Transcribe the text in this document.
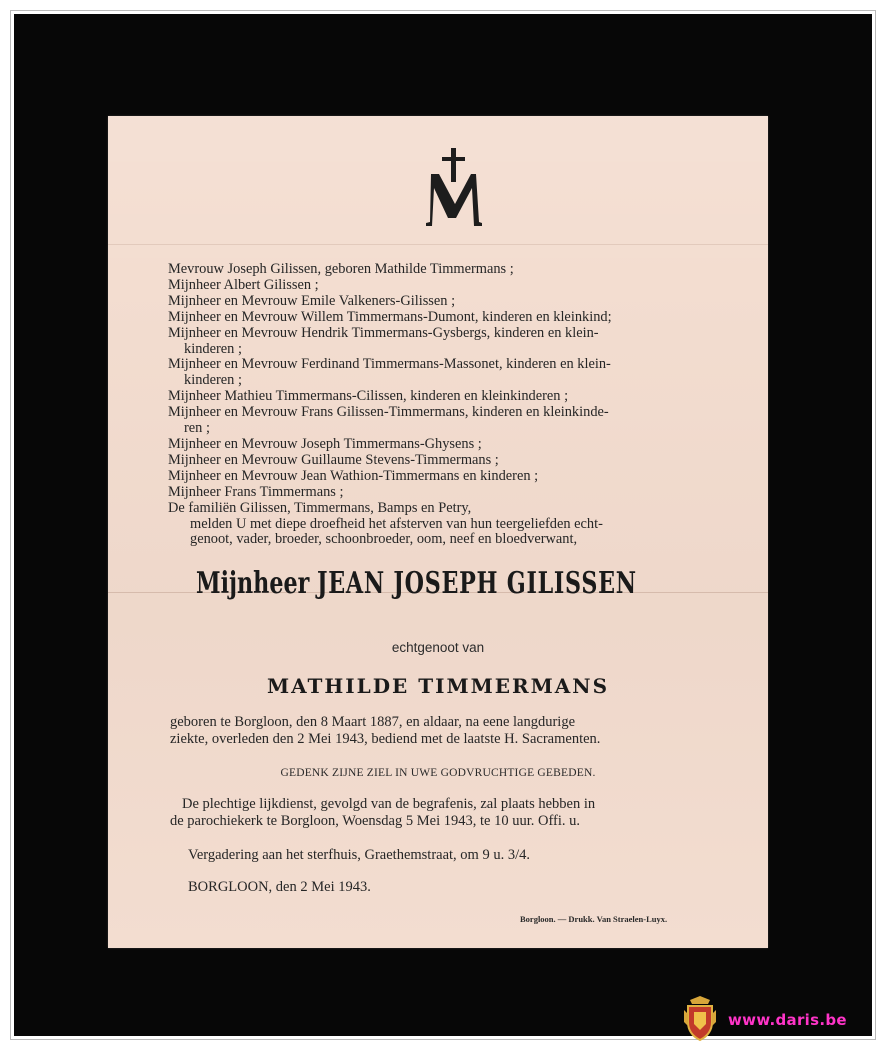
Mevrouw Joseph Gilissen, geboren Mathilde Timmermans ;
Mijnheer Albert Gilissen ;
Mijnheer en Mevrouw Emile Valkeners-Gilissen ;
Mijnheer en Mevrouw Willem Timmermans-Dumont, kinderen en kleinkind;
Mijnheer en Mevrouw Hendrik Timmermans-Gysbergs, kinderen en klein-
kinderen ;
Mijnheer en Mevrouw Ferdinand Timmermans-Massonet, kinderen en klein-
kinderen ;
Mijnheer Mathieu Timmermans-Cilissen, kinderen en kleinkinderen ;
Mijnheer en Mevrouw Frans Gilissen-Timmermans, kinderen en kleinkinde-
ren ;
Mijnheer en Mevrouw Joseph Timmermans-Ghysens ;
Mijnheer en Mevrouw Guillaume Stevens-Timmermans ;
Mijnheer en Mevrouw Jean Wathion-Timmermans en kinderen ;
Mijnheer Frans Timmermans ;
De familiën Gilissen, Timmermans, Bamps en Petry,
melden U met diepe droefheid het afsterven van hun teergeliefden echt-
genoot, vader, broeder, schoonbroeder, oom, neef en bloedverwant,
Mijnheer JEAN JOSEPH GILISSEN
echtgenoot van
MATHILDE TIMMERMANS
geboren te Borgloon, den 8 Maart 1887, en aldaar, na eene langdurige
ziekte, overleden den 2 Mei 1943, bediend met de laatste H. Sacramenten.
GEDENK ZIJNE ZIEL IN UWE GODVRUCHTIGE GEBEDEN.
De plechtige lijkdienst, gevolgd van de begrafenis, zal plaats hebben in
de parochiekerk te Borgloon, Woensdag 5 Mei 1943, te 10 uur. Offi. u.
Vergadering aan het sterfhuis, Graethemstraat, om 9 u. 3/4.
BORGLOON, den 2 Mei 1943.
Borgloon. — Drukk. Van Straelen-Luyx.
www.daris.be
